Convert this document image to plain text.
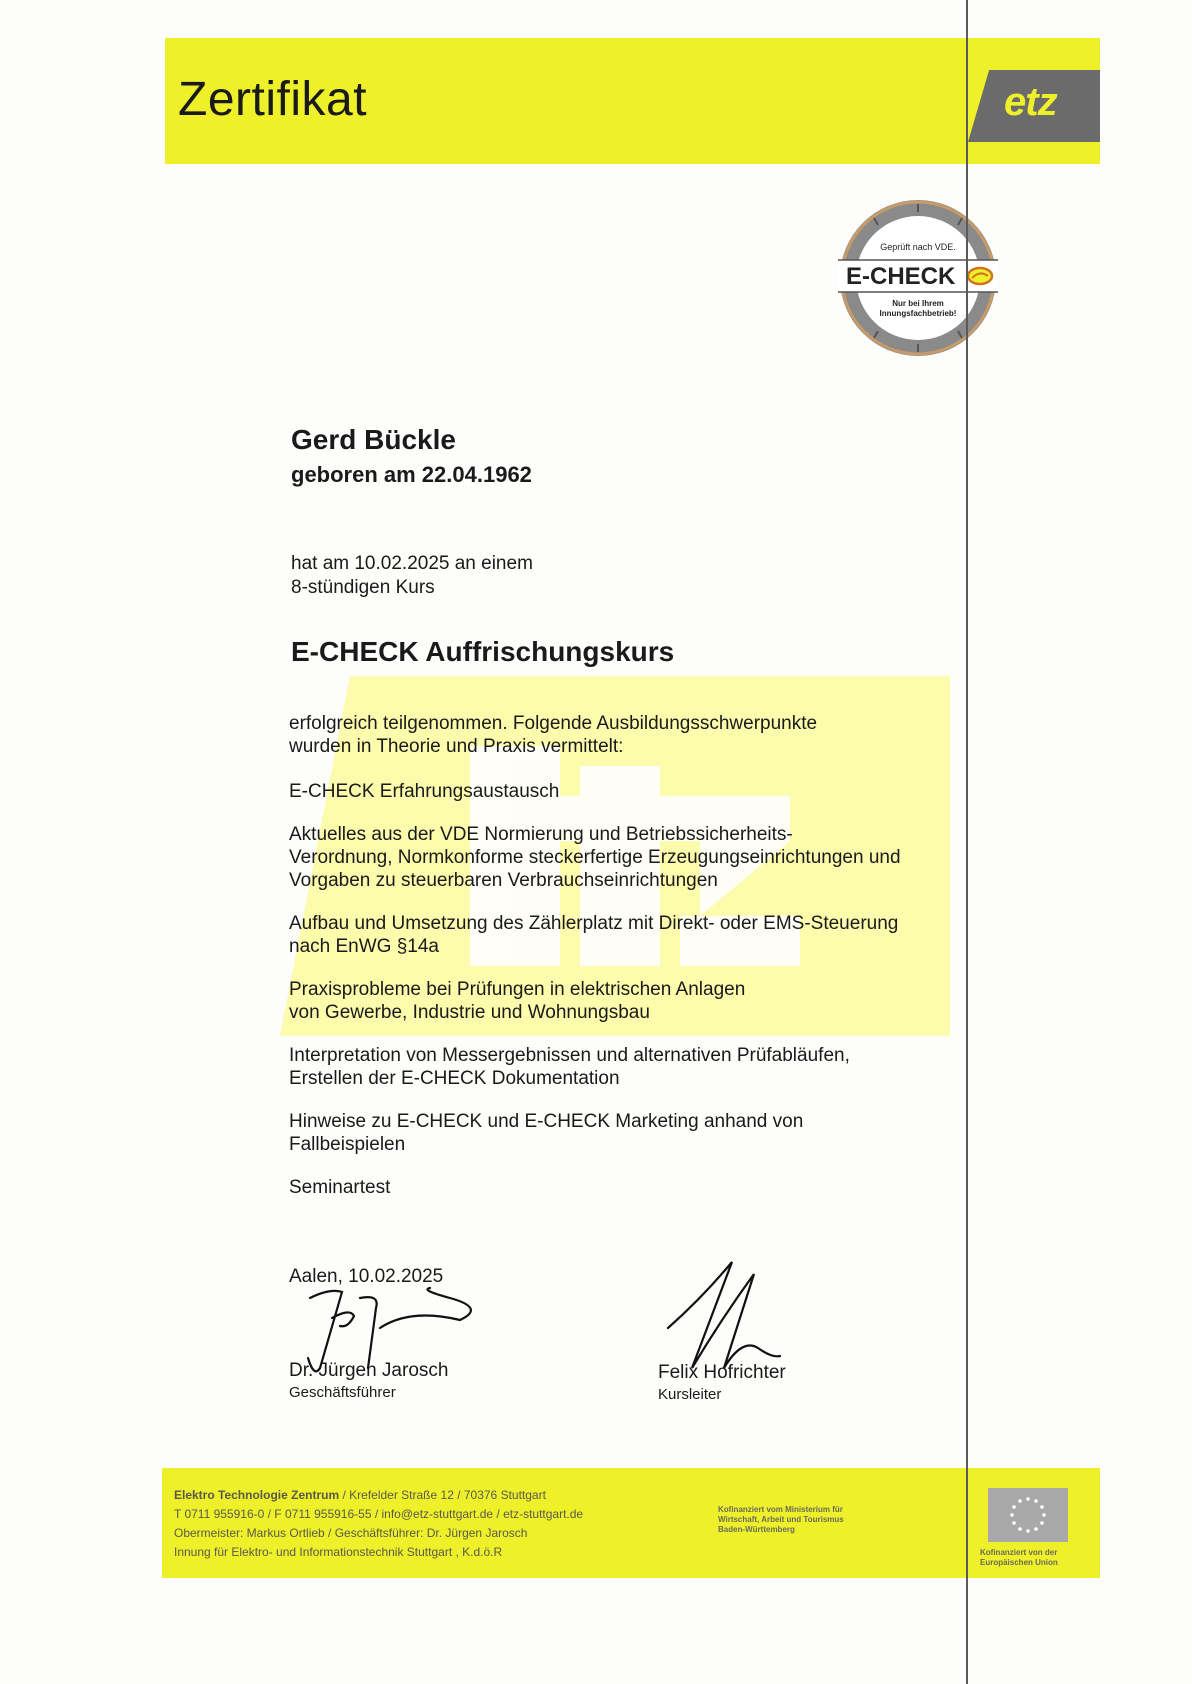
Zertifikat	etz
Geprüft nach VDE.
E-CHECK
Nur bei Ihrem
Innungsfachbetrieb!
Gerd Bückle
geboren am 22.04.1962
hat am 10.02.2025 an einem
8-stündigen Kurs
E-CHECK Auffrischungskurs
erfolgreich teilgenommen. Folgende Ausbildungsschwerpunkte
wurden in Theorie und Praxis vermittelt:
E-CHECK Erfahrungsaustausch
Aktuelles aus der VDE Normierung und Betriebssicherheits-
Verordnung, Normkonforme steckerfertige Erzeugungseinrichtungen und
Vorgaben zu steuerbaren Verbrauchseinrichtungen
Aufbau und Umsetzung des Zählerplatz mit Direkt- oder EMS-Steuerung
nach EnWG §14a
Praxisprobleme bei Prüfungen in elektrischen Anlagen
von Gewerbe, Industrie und Wohnungsbau
Interpretation von Messergebnissen und alternativen Prüfabläufen,
Erstellen der E-CHECK Dokumentation
Hinweise zu E-CHECK und E-CHECK Marketing anhand von
Fallbeispielen
Seminartest
Aalen, 10.02.2025
Dr. Jürgen Jarosch
Geschäftsführer
Felix Hofrichter
Kursleiter
Elektro Technologie Zentrum / Krefelder Straße 12 / 70376 Stuttgart
T 0711 955916-0 / F 0711 955916-55 / info@etz-stuttgart.de / etz-stuttgart.de
Obermeister: Markus Ortlieb / Geschäftsführer: Dr. Jürgen Jarosch
Innung für Elektro- und Informationstechnik Stuttgart , K.d.ö.R
Kofinanziert vom Ministerium für
Wirtschaft, Arbeit und Tourismus
Baden-Württemberg
Kofinanziert von der
Europäischen Union
